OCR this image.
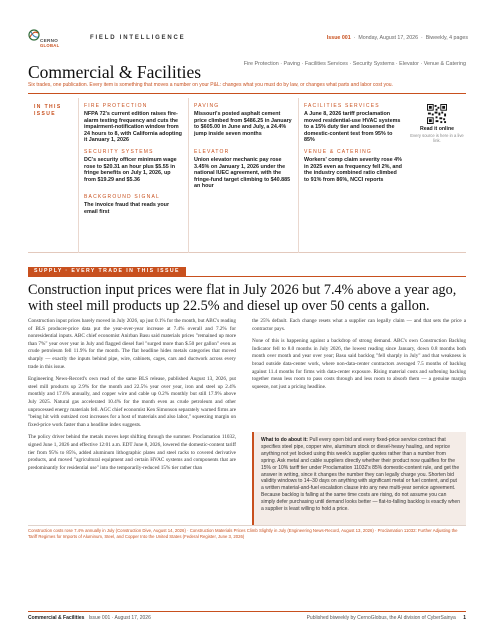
CERNO
GLOBAL
FIELD INTELLIGENCE	Issue 001  ·  Monday, August 17, 2026  ·  Biweekly, 4 pages
Commercial & Facilities	Fire Protection · Paving · Facilities Services · Security Systems · Elevator · Venue & Catering
Six trades, one publication. Every item is something that moves a number on your P&L: changes what you must do by law, or changes what parts and labor cost you.
IN THIS ISSUE
FIRE PROTECTION
NFPA 72's current edition raises fire-alarm testing frequency and cuts the impairment-notification window from 24 hours to 8, with California adopting it January 1, 2026
SECURITY SYSTEMS
DC's security officer minimum wage rose to $20.31 an hour plus $5.55 in fringe benefits on July 1, 2026, up from $19.29 and $5.36
BACKGROUND SIGNAL
The invoice fraud that reads your email first
PAVING
Missouri's posted asphalt cement price climbed from $486.25 in January to $605.00 in June and July, a 24.4% jump inside seven months
ELEVATOR
Union elevator mechanic pay rose 3.45% on January 1, 2026 under the national IUEC agreement, with the fringe-fund target climbing to $40.885 an hour
FACILITIES SERVICES
A June 8, 2026 tariff proclamation moved residential-use HVAC systems to a 15% duty tier and loosened the domestic-content test from 95% to 85%
VENUE & CATERING
Workers' comp claim severity rose 4% in 2025 even as frequency fell 2%, and the industry combined ratio climbed to 91% from 86%, NCCI reports
Read it online
Every source is here in a live link.
SUPPLY · EVERY TRADE IN THIS ISSUE
Construction input prices were flat in July 2026 but 7.4% above a year ago, with steel mill products up 22.5% and diesel up over 50 cents a gallon.

Construction input prices barely moved in July 2026, up just 0.1% for the month, but ABC's reading of BLS producer-price data put the year-over-year increase at 7.4% overall and 7.2% for nonresidential inputs. ABC chief economist Anirban Basu said materials prices "remained up more than 7%" year over year in July and flagged diesel fuel "surged more than $.50 per gallon" even as crude petroleum fell 11.9% for the month. The flat headline hides metals categories that moved sharply — exactly the inputs behind pipe, wire, cabinets, cages, cars and ductwork across every trade in this issue.

Engineering News-Record's own read of the same BLS release, published August 13, 2026, put steel mill products up 2.9% for the month and 22.5% year over year, iron and steel up 2.4% monthly and 17.6% annually, and copper wire and cable up 0.2% monthly but still 17.9% above July 2025. Natural gas accelerated 10.4% for the month even as crude petroleum and other unprocessed energy materials fell. AGC chief economist Ken Simonson separately warned firms are "being hit with outsized cost increases for a host of materials and also labor," squeezing margin on fixed-price work faster than a headline index suggests.

The policy driver behind the metals moves kept shifting through the summer. Proclamation 11032, signed June 1, 2026 and effective 12:01 a.m. EDT June 8, 2026, lowered the domestic-content tariff tier from 95% to 85%, added aluminum lithographic plates and steel racks to covered derivative products, and moved "agricultural equipment and certain HVAC systems and components that are predominantly for residential use" into the temporarily-reduced 15% tier rather than

the 25% default. Each change resets what a supplier can legally claim — and that sets the price a contractor pays.

None of this is happening against a backdrop of strong demand. ABC's own Construction Backlog Indicator fell to 8.0 months in July 2026, the lowest reading since January, down 0.8 months both month over month and year over year; Basu said backlog "fell sharply in July" and that weakness is broad outside data-center work, where non-data-center contractors averaged 7.5 months of backlog against 11.4 months for firms with data-center exposure. Rising material costs and softening backlog together mean less room to pass costs through and less room to absorb them — a genuine margin squeeze, not just a pricing headline.

What to do about it: Pull every open bid and every fixed-price service contract that specifies steel pipe, copper wire, aluminum stock or diesel-heavy hauling, and reprice anything not yet locked using this week's supplier quotes rather than a number from spring. Ask metal and cable suppliers directly whether their product now qualifies for the 15% or 10% tariff tier under Proclamation 11032's 85% domestic-content rule, and get the answer in writing, since it changes the number they can legally charge you. Shorten bid validity windows to 14–30 days on anything with significant metal or fuel content, and put a written material-and-fuel escalation clause into any new multi-year service agreement. Because backlog is falling at the same time costs are rising, do not assume you can simply defer purchasing until demand looks better — flat-to-falling backlog is exactly when a supplier is least willing to hold a price.
Construction costs rose 7.4% annually in July (Construction Dive, August 14, 2026) · Construction Materials Prices Climb Slightly in July (Engineering News-Record, August 13, 2026) · Proclamation 11032: Further Adjusting the Tariff Regimes for Imports of Aluminum, Steel, and Copper Into the United States (Federal Register, June 3, 2026)
Commercial & Facilities Issue 001 · August 17, 2026	Published biweekly by CernoGlobus, the AI division of CyberSainya 1
